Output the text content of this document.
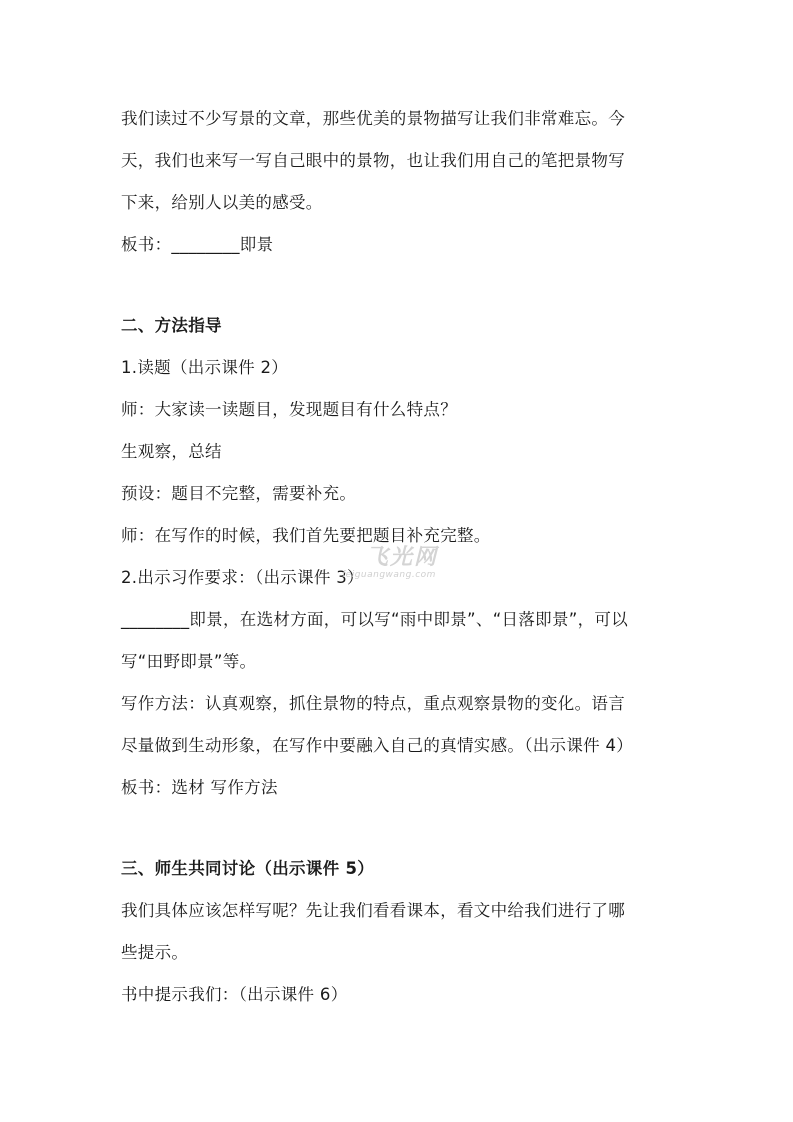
我们读过不少写景的文章，那些优美的景物描写让我们非常难忘。今
天，我们也来写一写自己眼中的景物，也让我们用自己的笔把景物写
下来，给别人以美的感受。
板书：________即景
二、方法指导
1.读题（出示课件 2）
师：大家读一读题目，发现题目有什么特点？
生观察，总结
预设：题目不完整，需要补充。
师：在写作的时候，我们首先要把题目补充完整。
2.出示习作要求：（出示课件 3）
________即景，在选材方面，可以写“雨中即景”、“日落即景”，可以
写“田野即景”等。
写作方法：认真观察，抓住景物的特点，重点观察景物的变化。语言
尽量做到生动形象，在写作中要融入自己的真情实感。（出示课件 4）
板书：选材 写作方法
三、师生共同讨论（出示课件 5）
我们具体应该怎样写呢？先让我们看看课本，看文中给我们进行了哪
些提示。
书中提示我们：（出示课件 6）
飞光网
feiguangwang.com
